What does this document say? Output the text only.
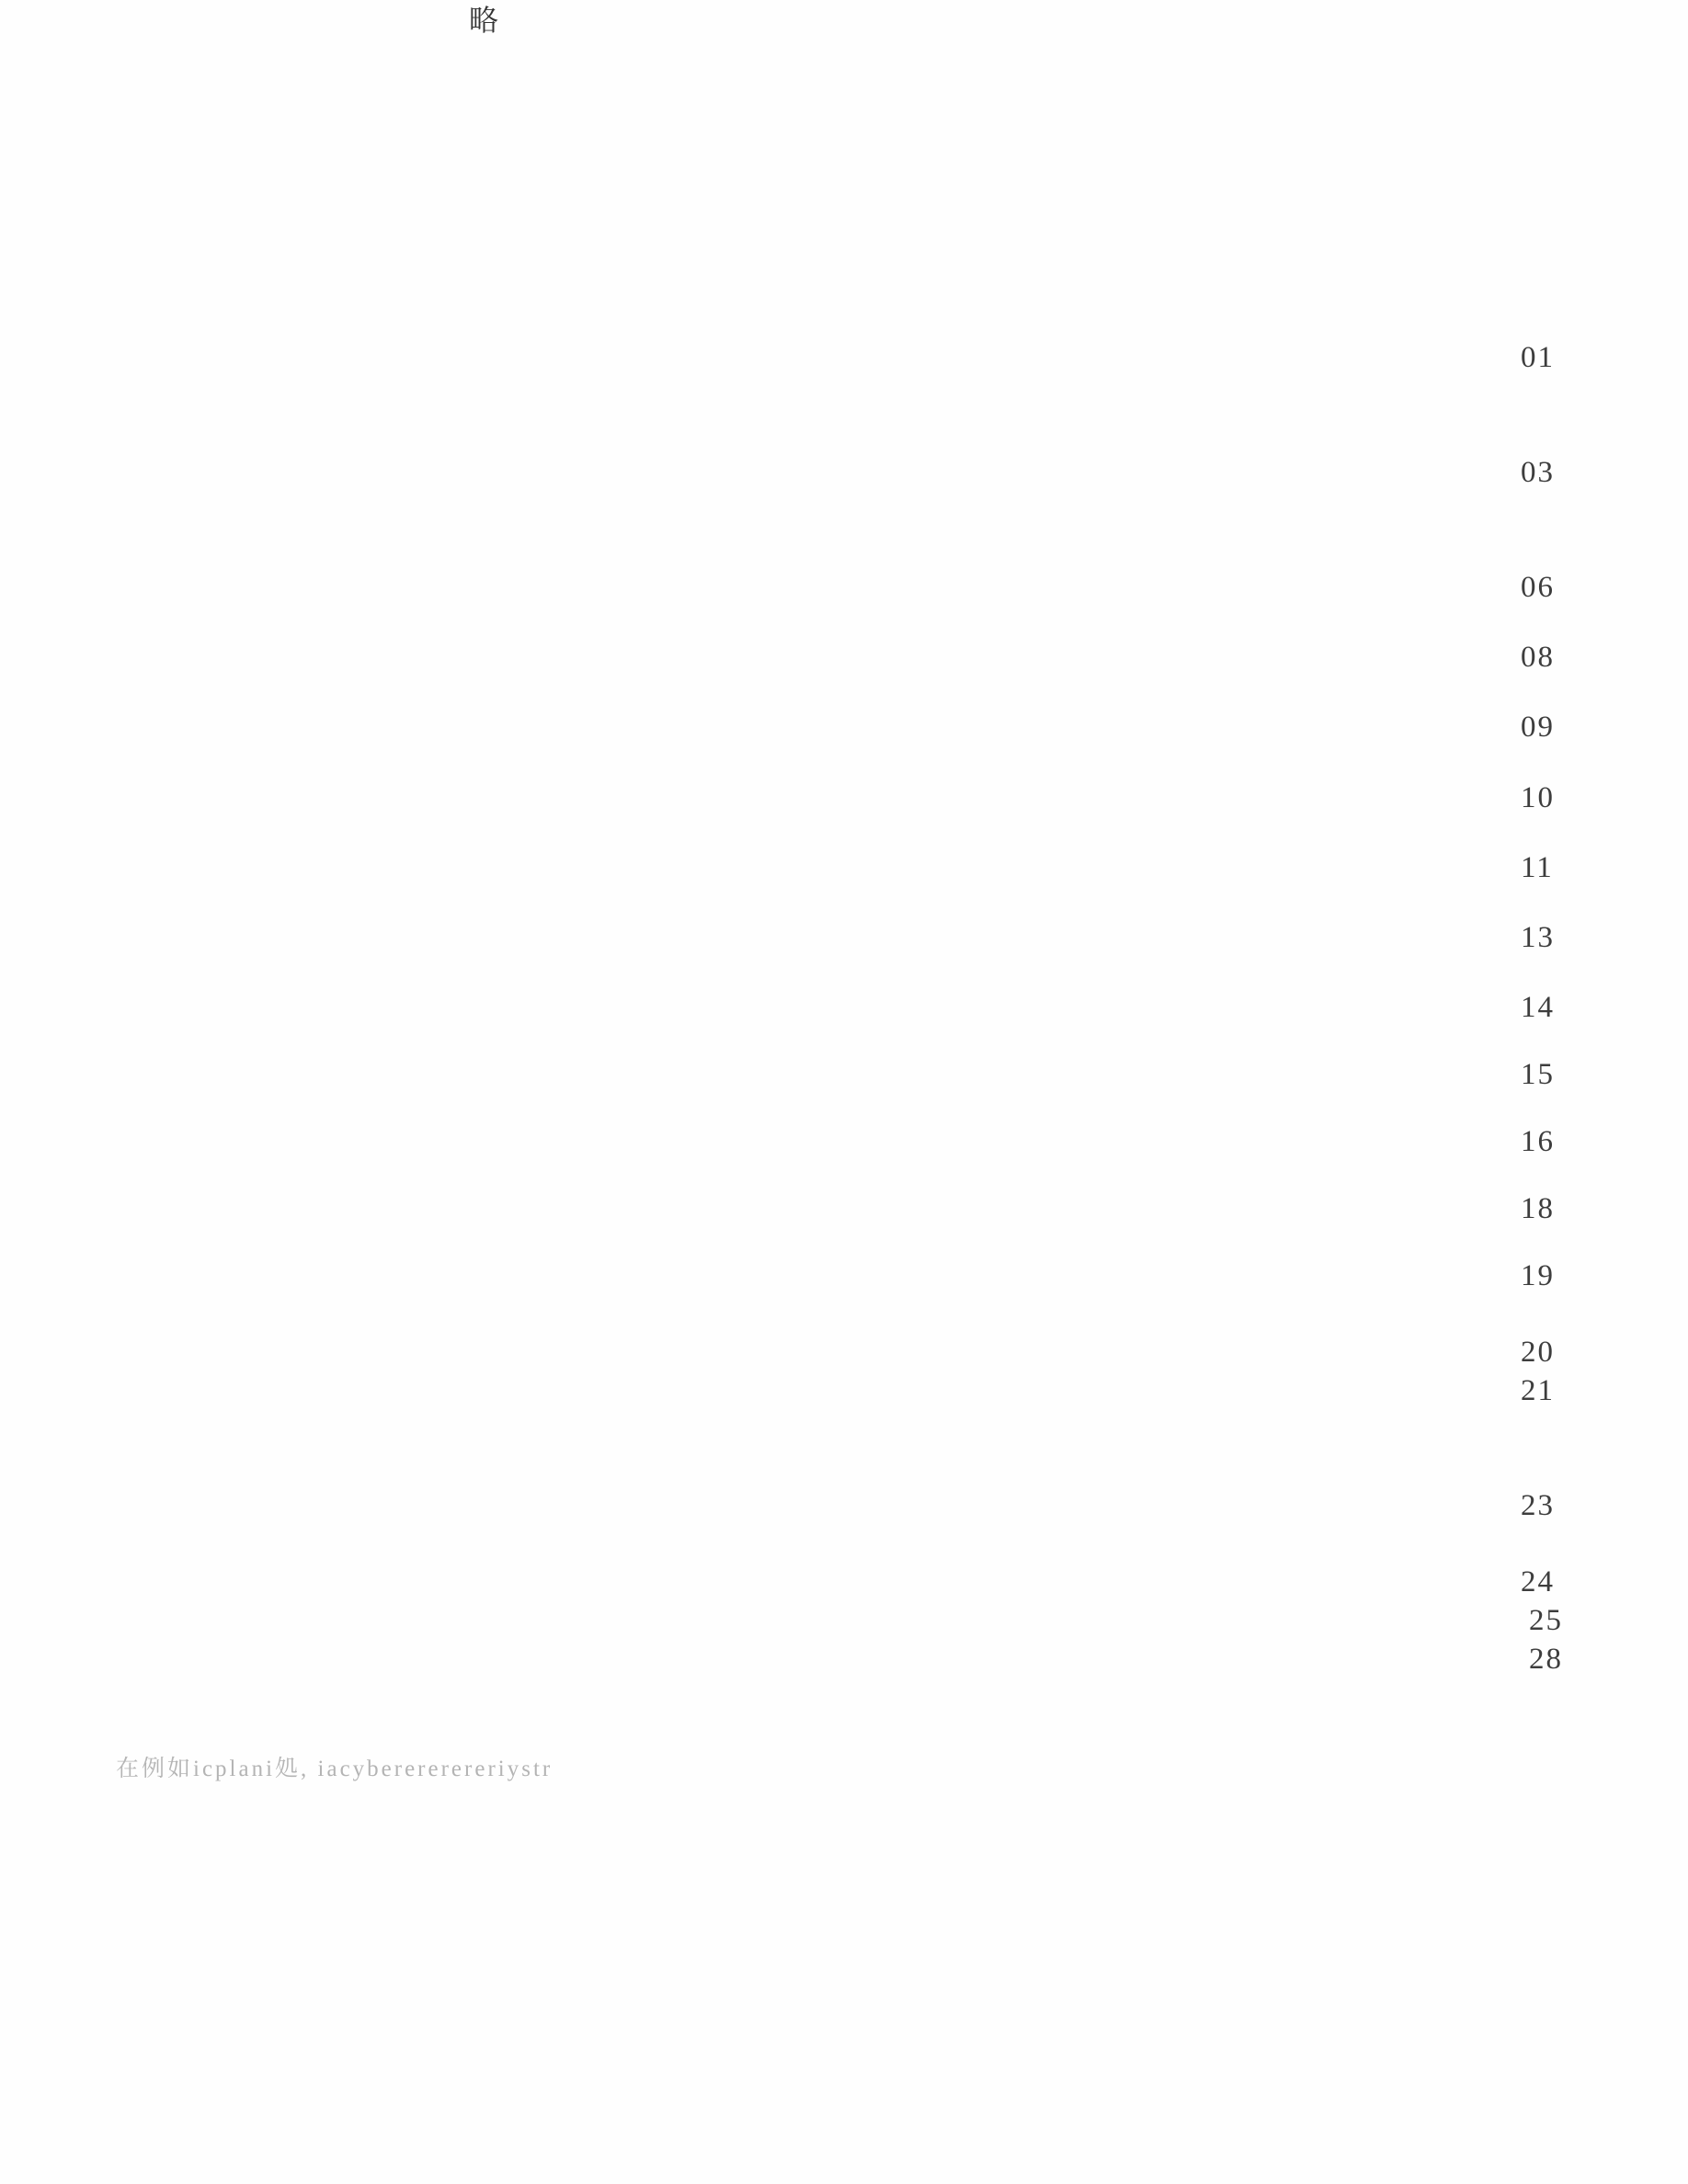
略
01
03
06
08
09
10
11
13
14
15
16
18
19
20
21
23
24
25
28
在例如icplani処, iacyberererereriystr
